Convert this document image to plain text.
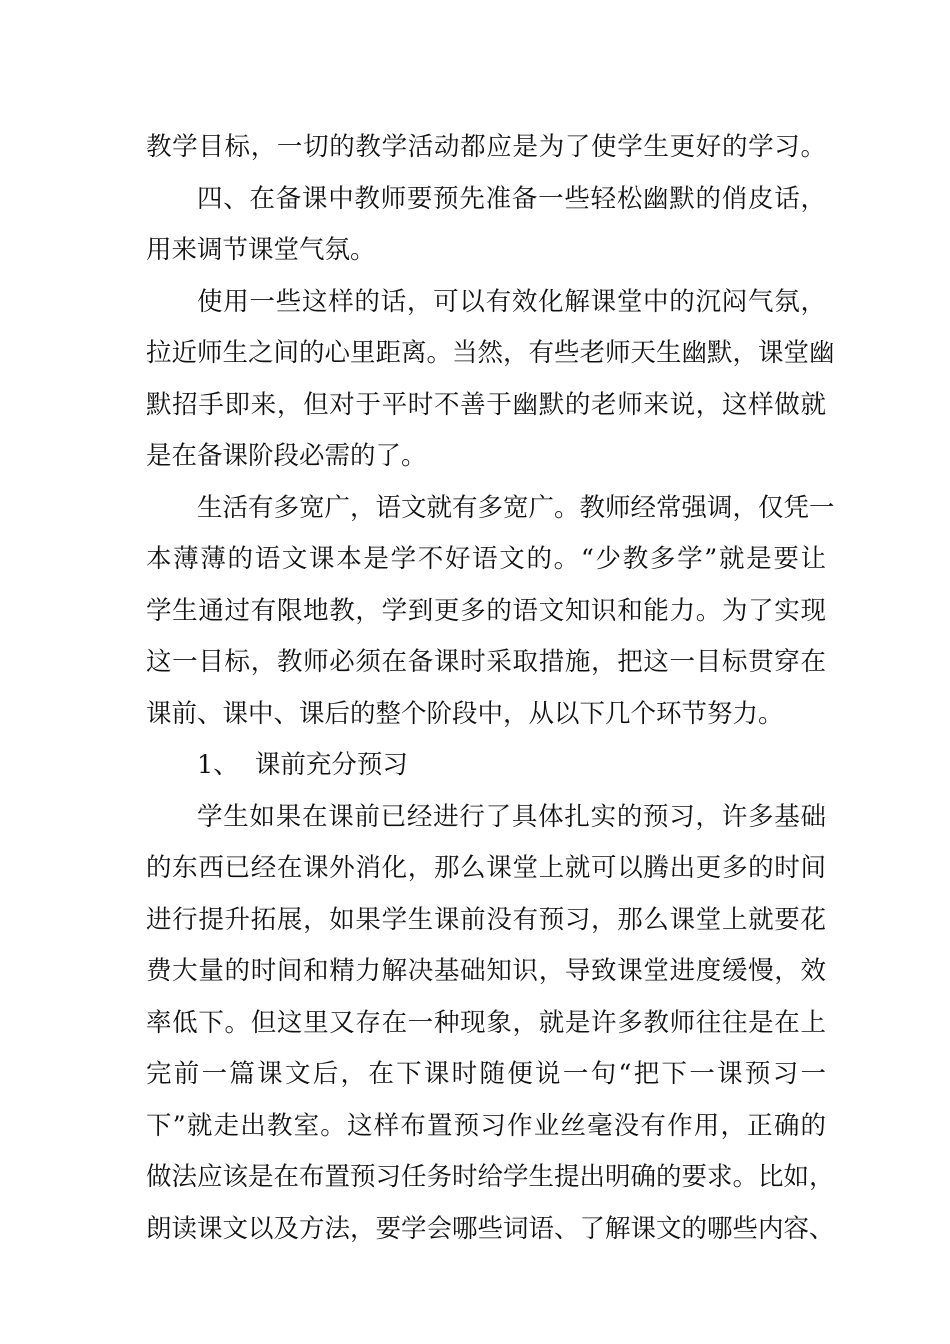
教学目标，一切的教学活动都应是为了使学生更好的学习。
四、在备课中教师要预先准备一些轻松幽默的俏皮话，
用来调节课堂气氛。
使用一些这样的话，可以有效化解课堂中的沉闷气氛，
拉近师生之间的心里距离。当然，有些老师天生幽默，课堂幽
默招手即来，但对于平时不善于幽默的老师来说，这样做就
是在备课阶段必需的了。
生活有多宽广，语文就有多宽广。教师经常强调，仅凭一
本薄薄的语文课本是学不好语文的。“少教多学”就是要让
学生通过有限地教，学到更多的语文知识和能力。为了实现
这一目标，教师必须在备课时采取措施，把这一目标贯穿在
课前、课中、课后的整个阶段中，从以下几个环节努力。
1、  课前充分预习
学生如果在课前已经进行了具体扎实的预习，许多基础
的东西已经在课外消化，那么课堂上就可以腾出更多的时间
进行提升拓展，如果学生课前没有预习，那么课堂上就要花
费大量的时间和精力解决基础知识，导致课堂进度缓慢，效
率低下。但这里又存在一种现象，就是许多教师往往是在上
完前一篇课文后，在下课时随便说一句“把下一课预习一
下”就走出教室。这样布置预习作业丝毫没有作用，正确的
做法应该是在布置预习任务时给学生提出明确的要求。比如，
朗读课文以及方法，要学会哪些词语、了解课文的哪些内容、
